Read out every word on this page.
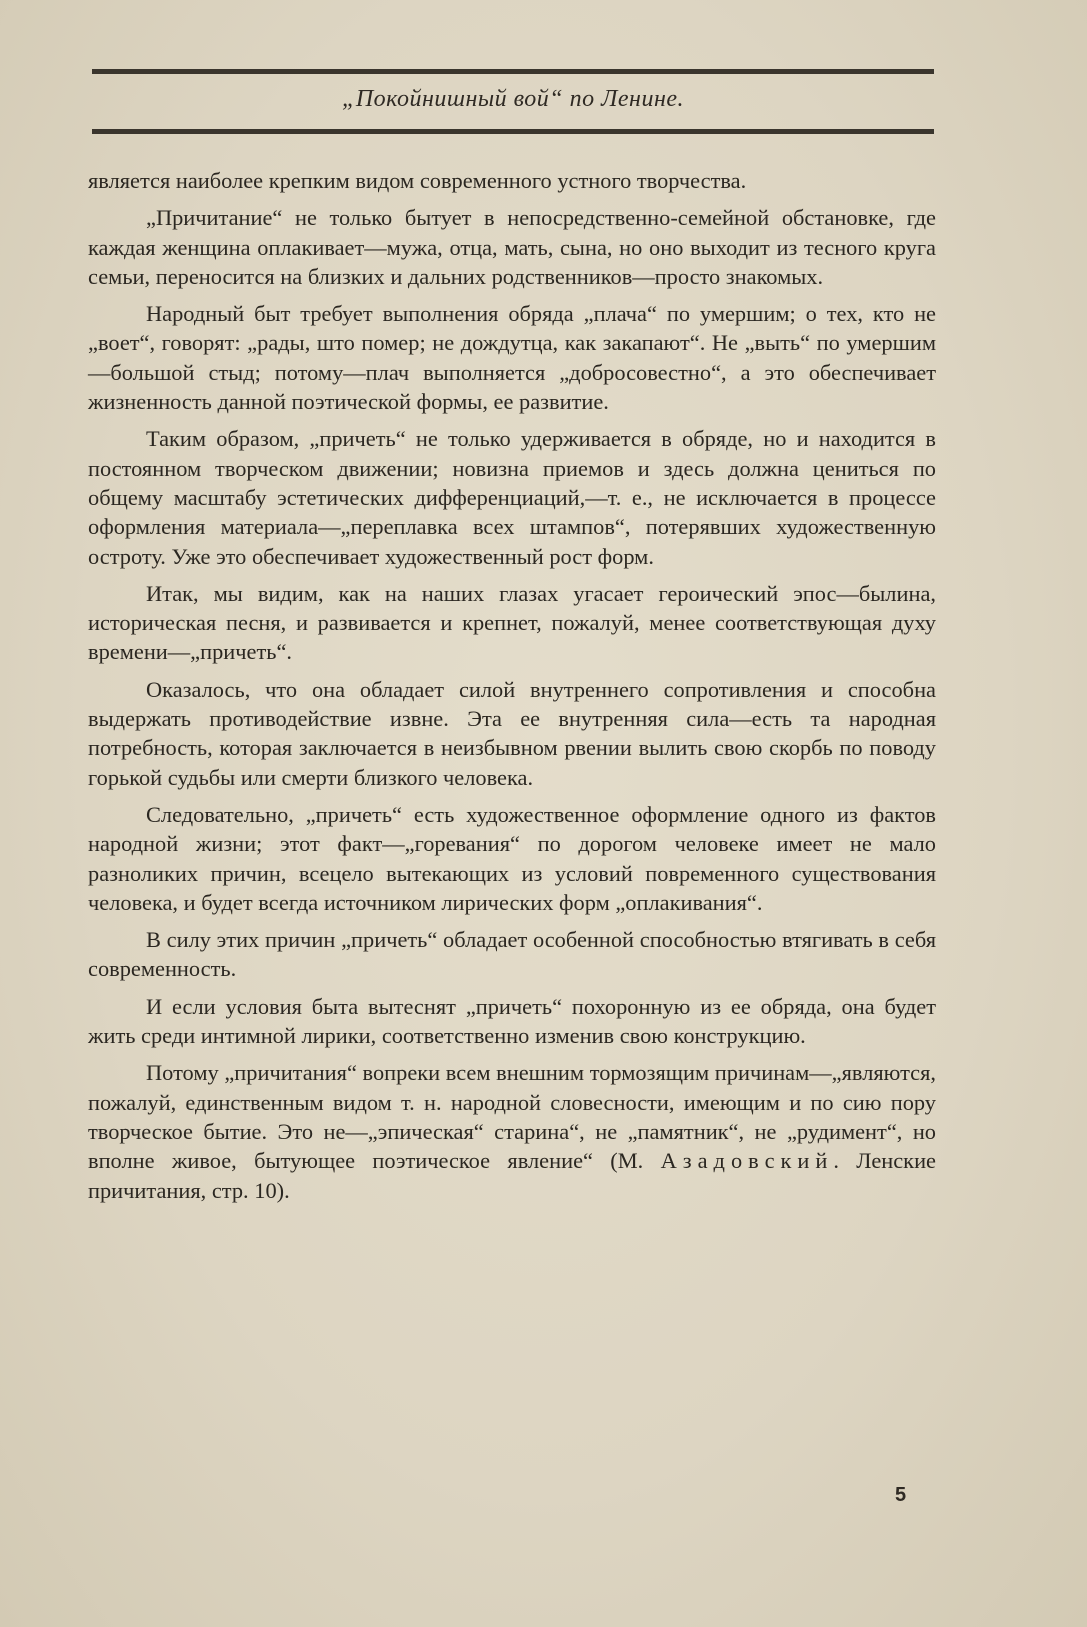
„Покойнишный вой“ по Ленине.

является наиболее крепким видом современного устного творчества.

„Причитание“ не только бытует в непосредственно-семейной обстановке, где каждая женщина оплакивает—мужа, отца, мать, сына, но оно выходит из тесного круга семьи, переносится на близких и дальних родственников—просто знакомых.

Народный быт требует выполнения обряда „плача“ по умершим; о тех, кто не „воет“, говорят: „рады, што помер; не дождутца, как закапают“. Не „выть“ по умершим—большой стыд; потому—плач выполняется „добросовестно“, а это обеспечивает жизненность данной поэтической формы, ее развитие.

Таким образом, „причеть“ не только удерживается в обряде, но и находится в постоянном творческом движении; новизна приемов и здесь должна цениться по общему масштабу эстетических дифференциаций,—т. е., не исключается в процессе оформления материала—„переплавка всех штампов“, потерявших художественную остроту. Уже это обеспечивает художественный рост форм.

Итак, мы видим, как на наших глазах угасает героический эпос—былина, историческая песня, и развивается и крепнет, пожалуй, менее соответствующая духу времени—„причеть“.

Оказалось, что она обладает силой внутреннего сопротивления и способна выдержать противодействие извне. Эта ее внутренняя сила—есть та народная потребность, которая заключается в неизбывном рвении вылить свою скорбь по поводу горькой судьбы или смерти близкого человека.

Следовательно, „причеть“ есть художественное оформление одного из фактов народной жизни; этот факт—„горевания“ по дорогом человеке имеет не мало разноликих причин, всецело вытекающих из условий повременного существования человека, и будет всегда источником лирических форм „оплакивания“.

В силу этих причин „причеть“ обладает особенной способностью втягивать в себя современность.

И если условия быта вытеснят „причеть“ похоронную из ее обряда, она будет жить среди интимной лирики, соответственно изменив свою конструкцию.

Потому „причитания“ вопреки всем внешним тормозящим причинам—„являются, пожалуй, единственным видом т. н. народной словесности, имеющим и по сию пору творческое бытие. Это не—„эпическая“ старина“, не „памятник“, не „рудимент“, но вполне живое, бытующее поэтическое явление“ (М. Азадовский. Ленские причитания, стр. 10).

5
